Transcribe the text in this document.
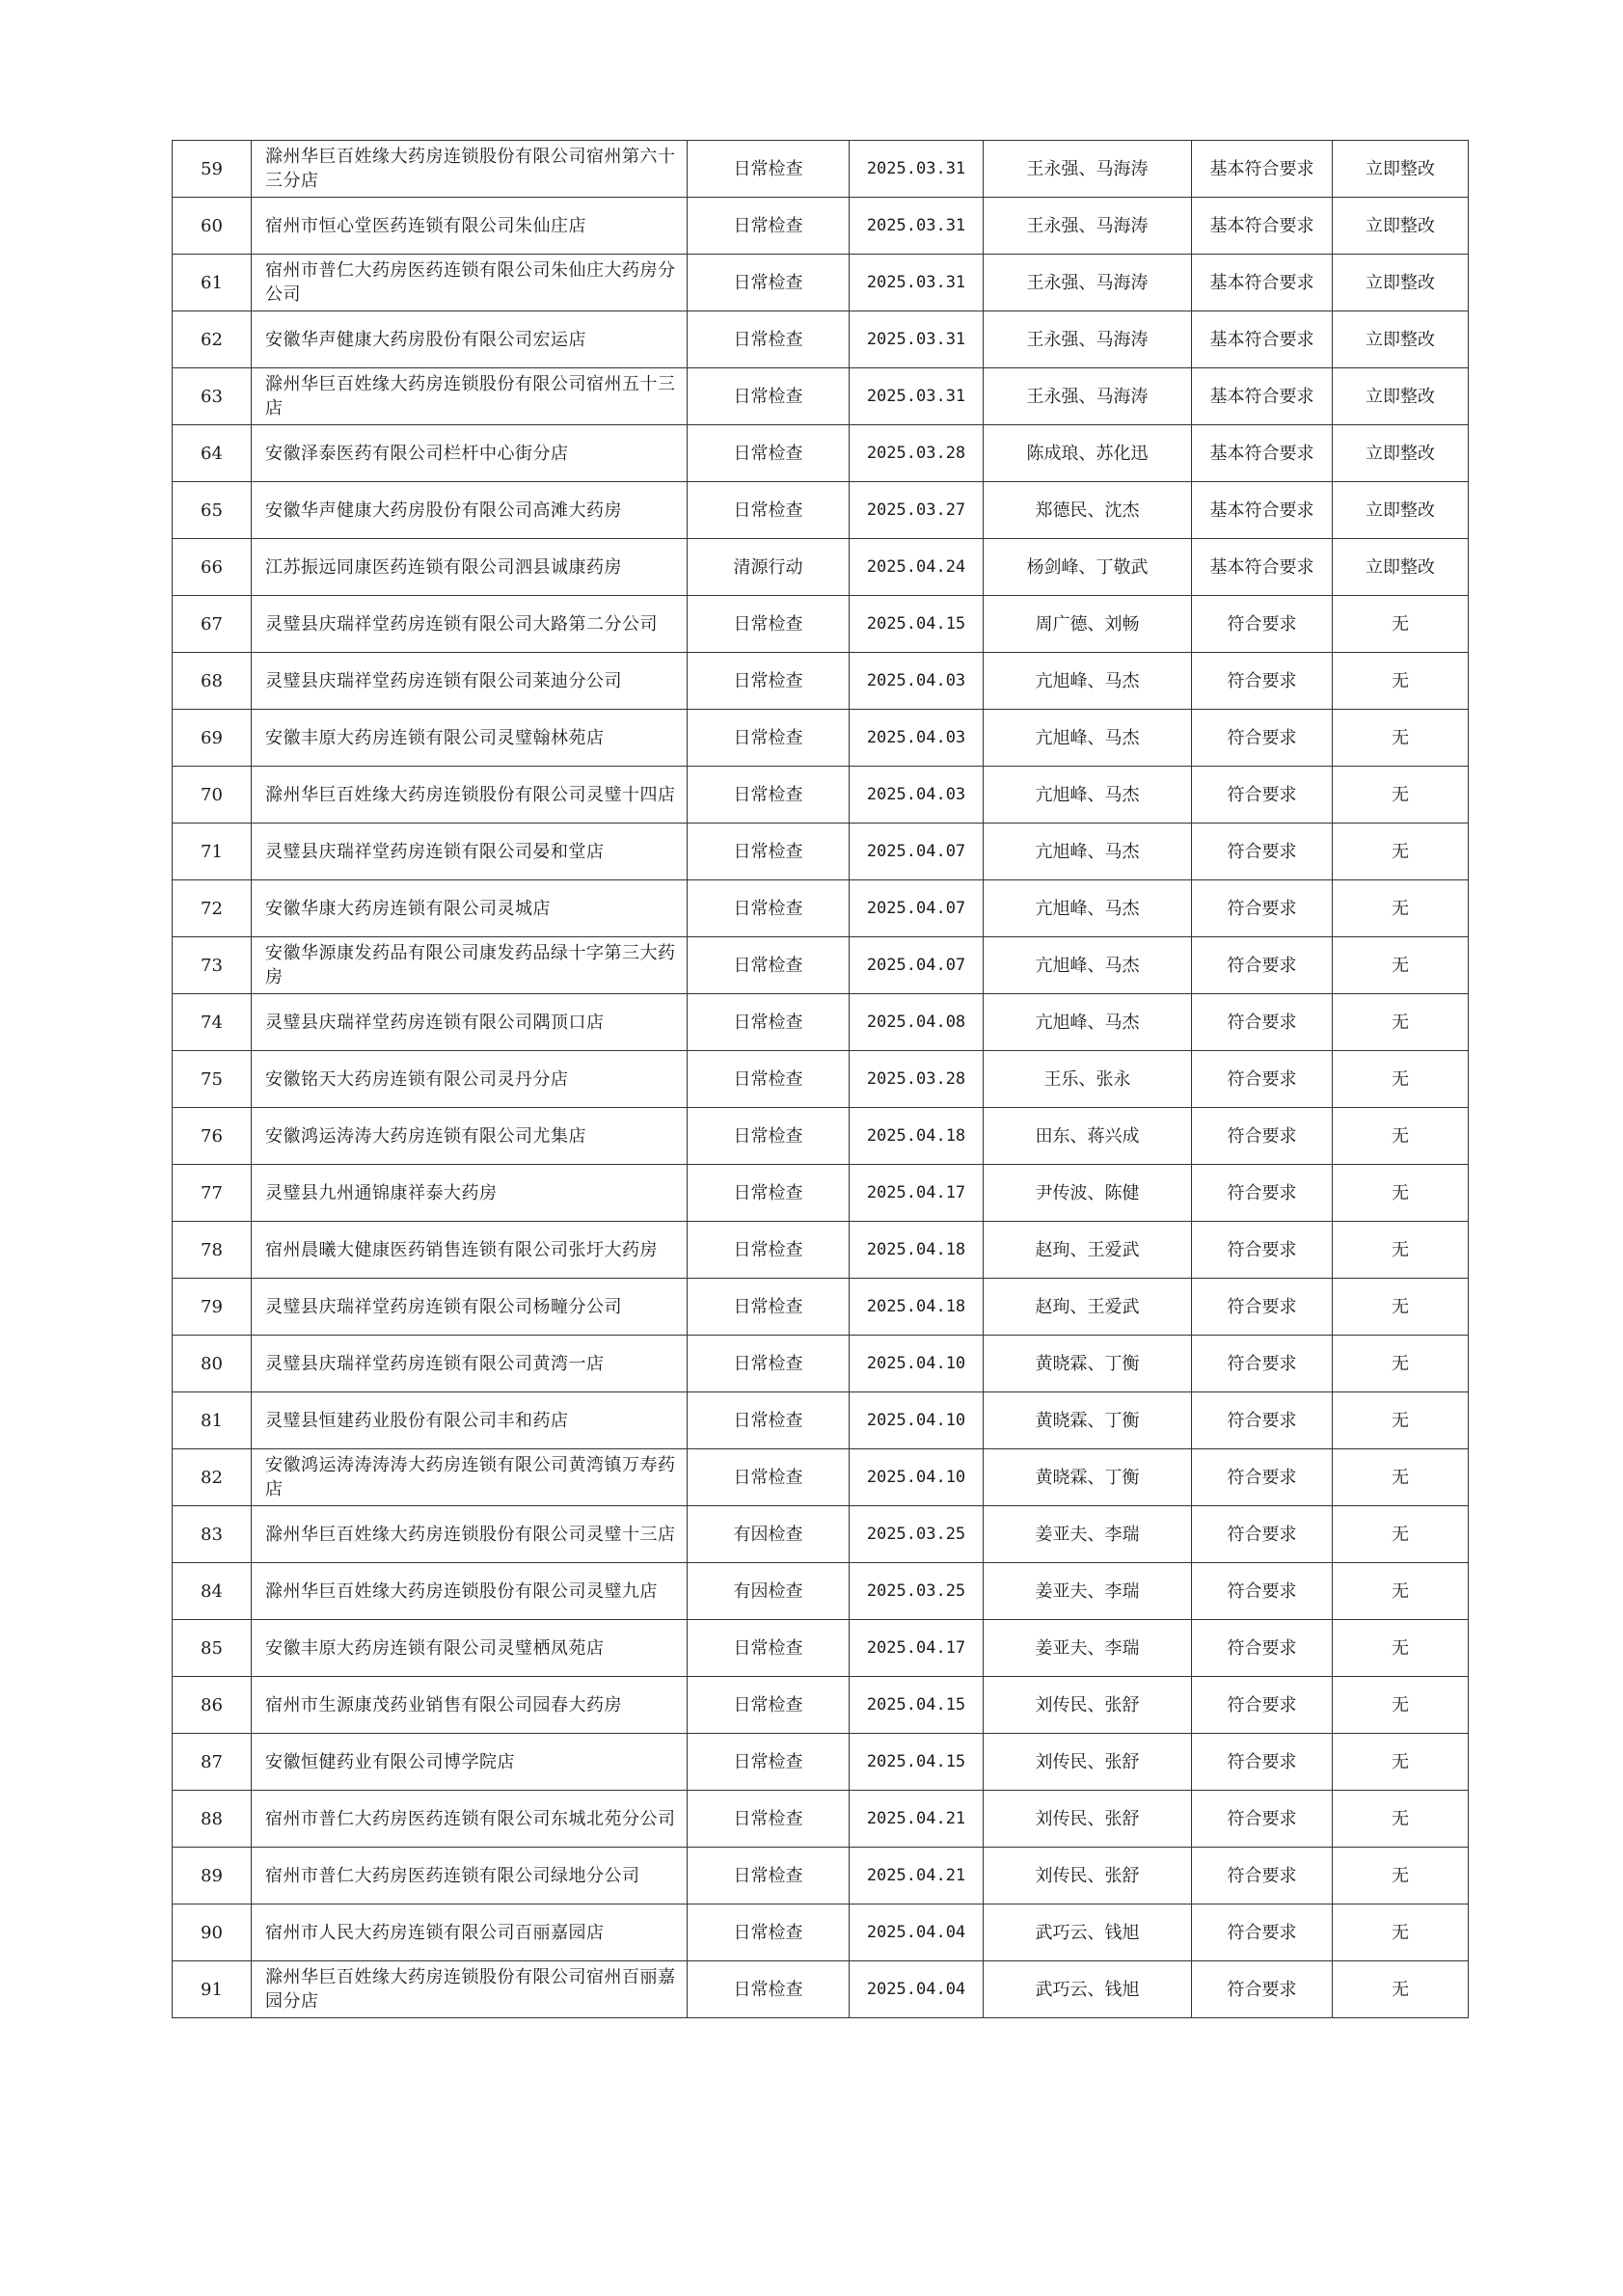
59	滁州华巨百姓缘大药房连锁股份有限公司宿州第六十三分店	日常检查	2025.03.31	王永强、马海涛	基本符合要求	立即整改
60	宿州市恒心堂医药连锁有限公司朱仙庄店	日常检查	2025.03.31	王永强、马海涛	基本符合要求	立即整改
61	宿州市普仁大药房医药连锁有限公司朱仙庄大药房分公司	日常检查	2025.03.31	王永强、马海涛	基本符合要求	立即整改
62	安徽华声健康大药房股份有限公司宏运店	日常检查	2025.03.31	王永强、马海涛	基本符合要求	立即整改
63	滁州华巨百姓缘大药房连锁股份有限公司宿州五十三店	日常检查	2025.03.31	王永强、马海涛	基本符合要求	立即整改
64	安徽泽泰医药有限公司栏杆中心街分店	日常检查	2025.03.28	陈成琅、苏化迅	基本符合要求	立即整改
65	安徽华声健康大药房股份有限公司高滩大药房	日常检查	2025.03.27	郑德民、沈杰	基本符合要求	立即整改
66	江苏振远同康医药连锁有限公司泗县诚康药房	清源行动	2025.04.24	杨剑峰、丁敬武	基本符合要求	立即整改
67	灵璧县庆瑞祥堂药房连锁有限公司大路第二分公司	日常检查	2025.04.15	周广德、刘畅	符合要求	无
68	灵璧县庆瑞祥堂药房连锁有限公司莱迪分公司	日常检查	2025.04.03	亢旭峰、马杰	符合要求	无
69	安徽丰原大药房连锁有限公司灵璧翰林苑店	日常检查	2025.04.03	亢旭峰、马杰	符合要求	无
70	滁州华巨百姓缘大药房连锁股份有限公司灵璧十四店	日常检查	2025.04.03	亢旭峰、马杰	符合要求	无
71	灵璧县庆瑞祥堂药房连锁有限公司晏和堂店	日常检查	2025.04.07	亢旭峰、马杰	符合要求	无
72	安徽华康大药房连锁有限公司灵城店	日常检查	2025.04.07	亢旭峰、马杰	符合要求	无
73	安徽华源康发药品有限公司康发药品绿十字第三大药房	日常检查	2025.04.07	亢旭峰、马杰	符合要求	无
74	灵璧县庆瑞祥堂药房连锁有限公司隅顶口店	日常检查	2025.04.08	亢旭峰、马杰	符合要求	无
75	安徽铭天大药房连锁有限公司灵丹分店	日常检查	2025.03.28	王乐、张永	符合要求	无
76	安徽鸿运涛涛大药房连锁有限公司尤集店	日常检查	2025.04.18	田东、蒋兴成	符合要求	无
77	灵璧县九州通锦康祥泰大药房	日常检查	2025.04.17	尹传波、陈健	符合要求	无
78	宿州晨曦大健康医药销售连锁有限公司张圩大药房	日常检查	2025.04.18	赵珣、王爱武	符合要求	无
79	灵璧县庆瑞祥堂药房连锁有限公司杨疃分公司	日常检查	2025.04.18	赵珣、王爱武	符合要求	无
80	灵璧县庆瑞祥堂药房连锁有限公司黄湾一店	日常检查	2025.04.10	黄晓霖、丁衡	符合要求	无
81	灵璧县恒建药业股份有限公司丰和药店	日常检查	2025.04.10	黄晓霖、丁衡	符合要求	无
82	安徽鸿运涛涛涛涛大药房连锁有限公司黄湾镇万寿药店	日常检查	2025.04.10	黄晓霖、丁衡	符合要求	无
83	滁州华巨百姓缘大药房连锁股份有限公司灵璧十三店	有因检查	2025.03.25	姜亚夫、李瑞	符合要求	无
84	滁州华巨百姓缘大药房连锁股份有限公司灵璧九店	有因检查	2025.03.25	姜亚夫、李瑞	符合要求	无
85	安徽丰原大药房连锁有限公司灵璧栖凤苑店	日常检查	2025.04.17	姜亚夫、李瑞	符合要求	无
86	宿州市生源康茂药业销售有限公司园春大药房	日常检查	2025.04.15	刘传民、张舒	符合要求	无
87	安徽恒健药业有限公司博学院店	日常检查	2025.04.15	刘传民、张舒	符合要求	无
88	宿州市普仁大药房医药连锁有限公司东城北苑分公司	日常检查	2025.04.21	刘传民、张舒	符合要求	无
89	宿州市普仁大药房医药连锁有限公司绿地分公司	日常检查	2025.04.21	刘传民、张舒	符合要求	无
90	宿州市人民大药房连锁有限公司百丽嘉园店	日常检查	2025.04.04	武巧云、钱旭	符合要求	无
91	滁州华巨百姓缘大药房连锁股份有限公司宿州百丽嘉园分店	日常检查	2025.04.04	武巧云、钱旭	符合要求	无
